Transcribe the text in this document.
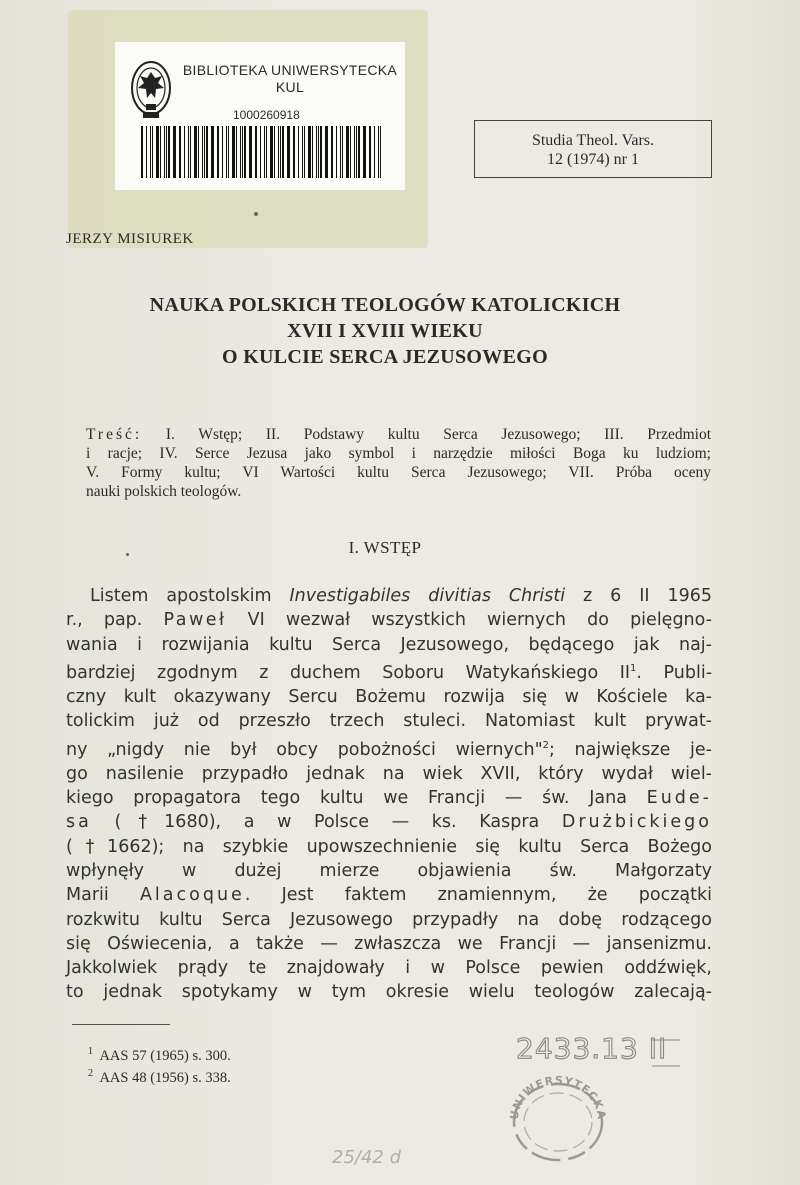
BIBLIOTEKA UNIWERSYTECKA
KUL
1000260918
Studia Theol. Vars.
12 (1974) nr 1
JERZY MISIUREK
NAUKA POLSKICH TEOLOGÓW KATOLICKICH
XVII I XVIII WIEKU
O KULCIE SERCA JEZUSOWEGO
Treść: I. Wstęp; II. Podstawy kultu Serca Jezusowego; III. Przedmiot
i racje; IV. Serce Jezusa jako symbol i narzędzie miłości Boga ku ludziom;
V. Formy kultu; VI Wartości kultu Serca Jezusowego; VII. Próba oceny
nauki polskich teologów.
I. WSTĘP
Listem apostolskim Investigabiles divitias Christi z 6 II 1965
r., pap. Paweł VI wezwał wszystkich wiernych do pielęgno-
wania i rozwijania kultu Serca Jezusowego, będącego jak naj-
bardziej zgodnym z duchem Soboru Watykańskiego $II^1$. Publi-
czny kult okazywany Sercu Bożemu rozwija się w Kościele ka-
tolickim już od przeszło trzech stuleci. Natomiast kult prywat-
ny „nigdy nie był obcy pobożności wiernych"$^2$; największe je-
go nasilenie przypadło jednak na wiek XVII, który wydał wiel-
kiego propagatora tego kultu we Francji — św. Jana Eude-
sa (†1680), a w Polsce — ks. Kaspra Drużbickiego
(†1662); na szybkie upowszechnienie się kultu Serca Bożego
wpłynęły w dużej mierze objawienia św. Małgorzaty
Marii Alacoque. Jest faktem znamiennym, że początki
rozkwitu kultu Serca Jezusowego przypadły na dobę rodzącego
się Oświecenia, a także — zwłaszcza we Francji — jansenizmu.
Jakkolwiek prądy te znajdowały i w Polsce pewien oddźwięk,
to jednak spotykamy w tym okresie wielu teologów zalecają-
$^1$ AAS 57 (1965) s. 300.
$^2$ AAS 48 (1956) s. 338.
2433.13 II
UNIWERSYTECKA
25/42 d
